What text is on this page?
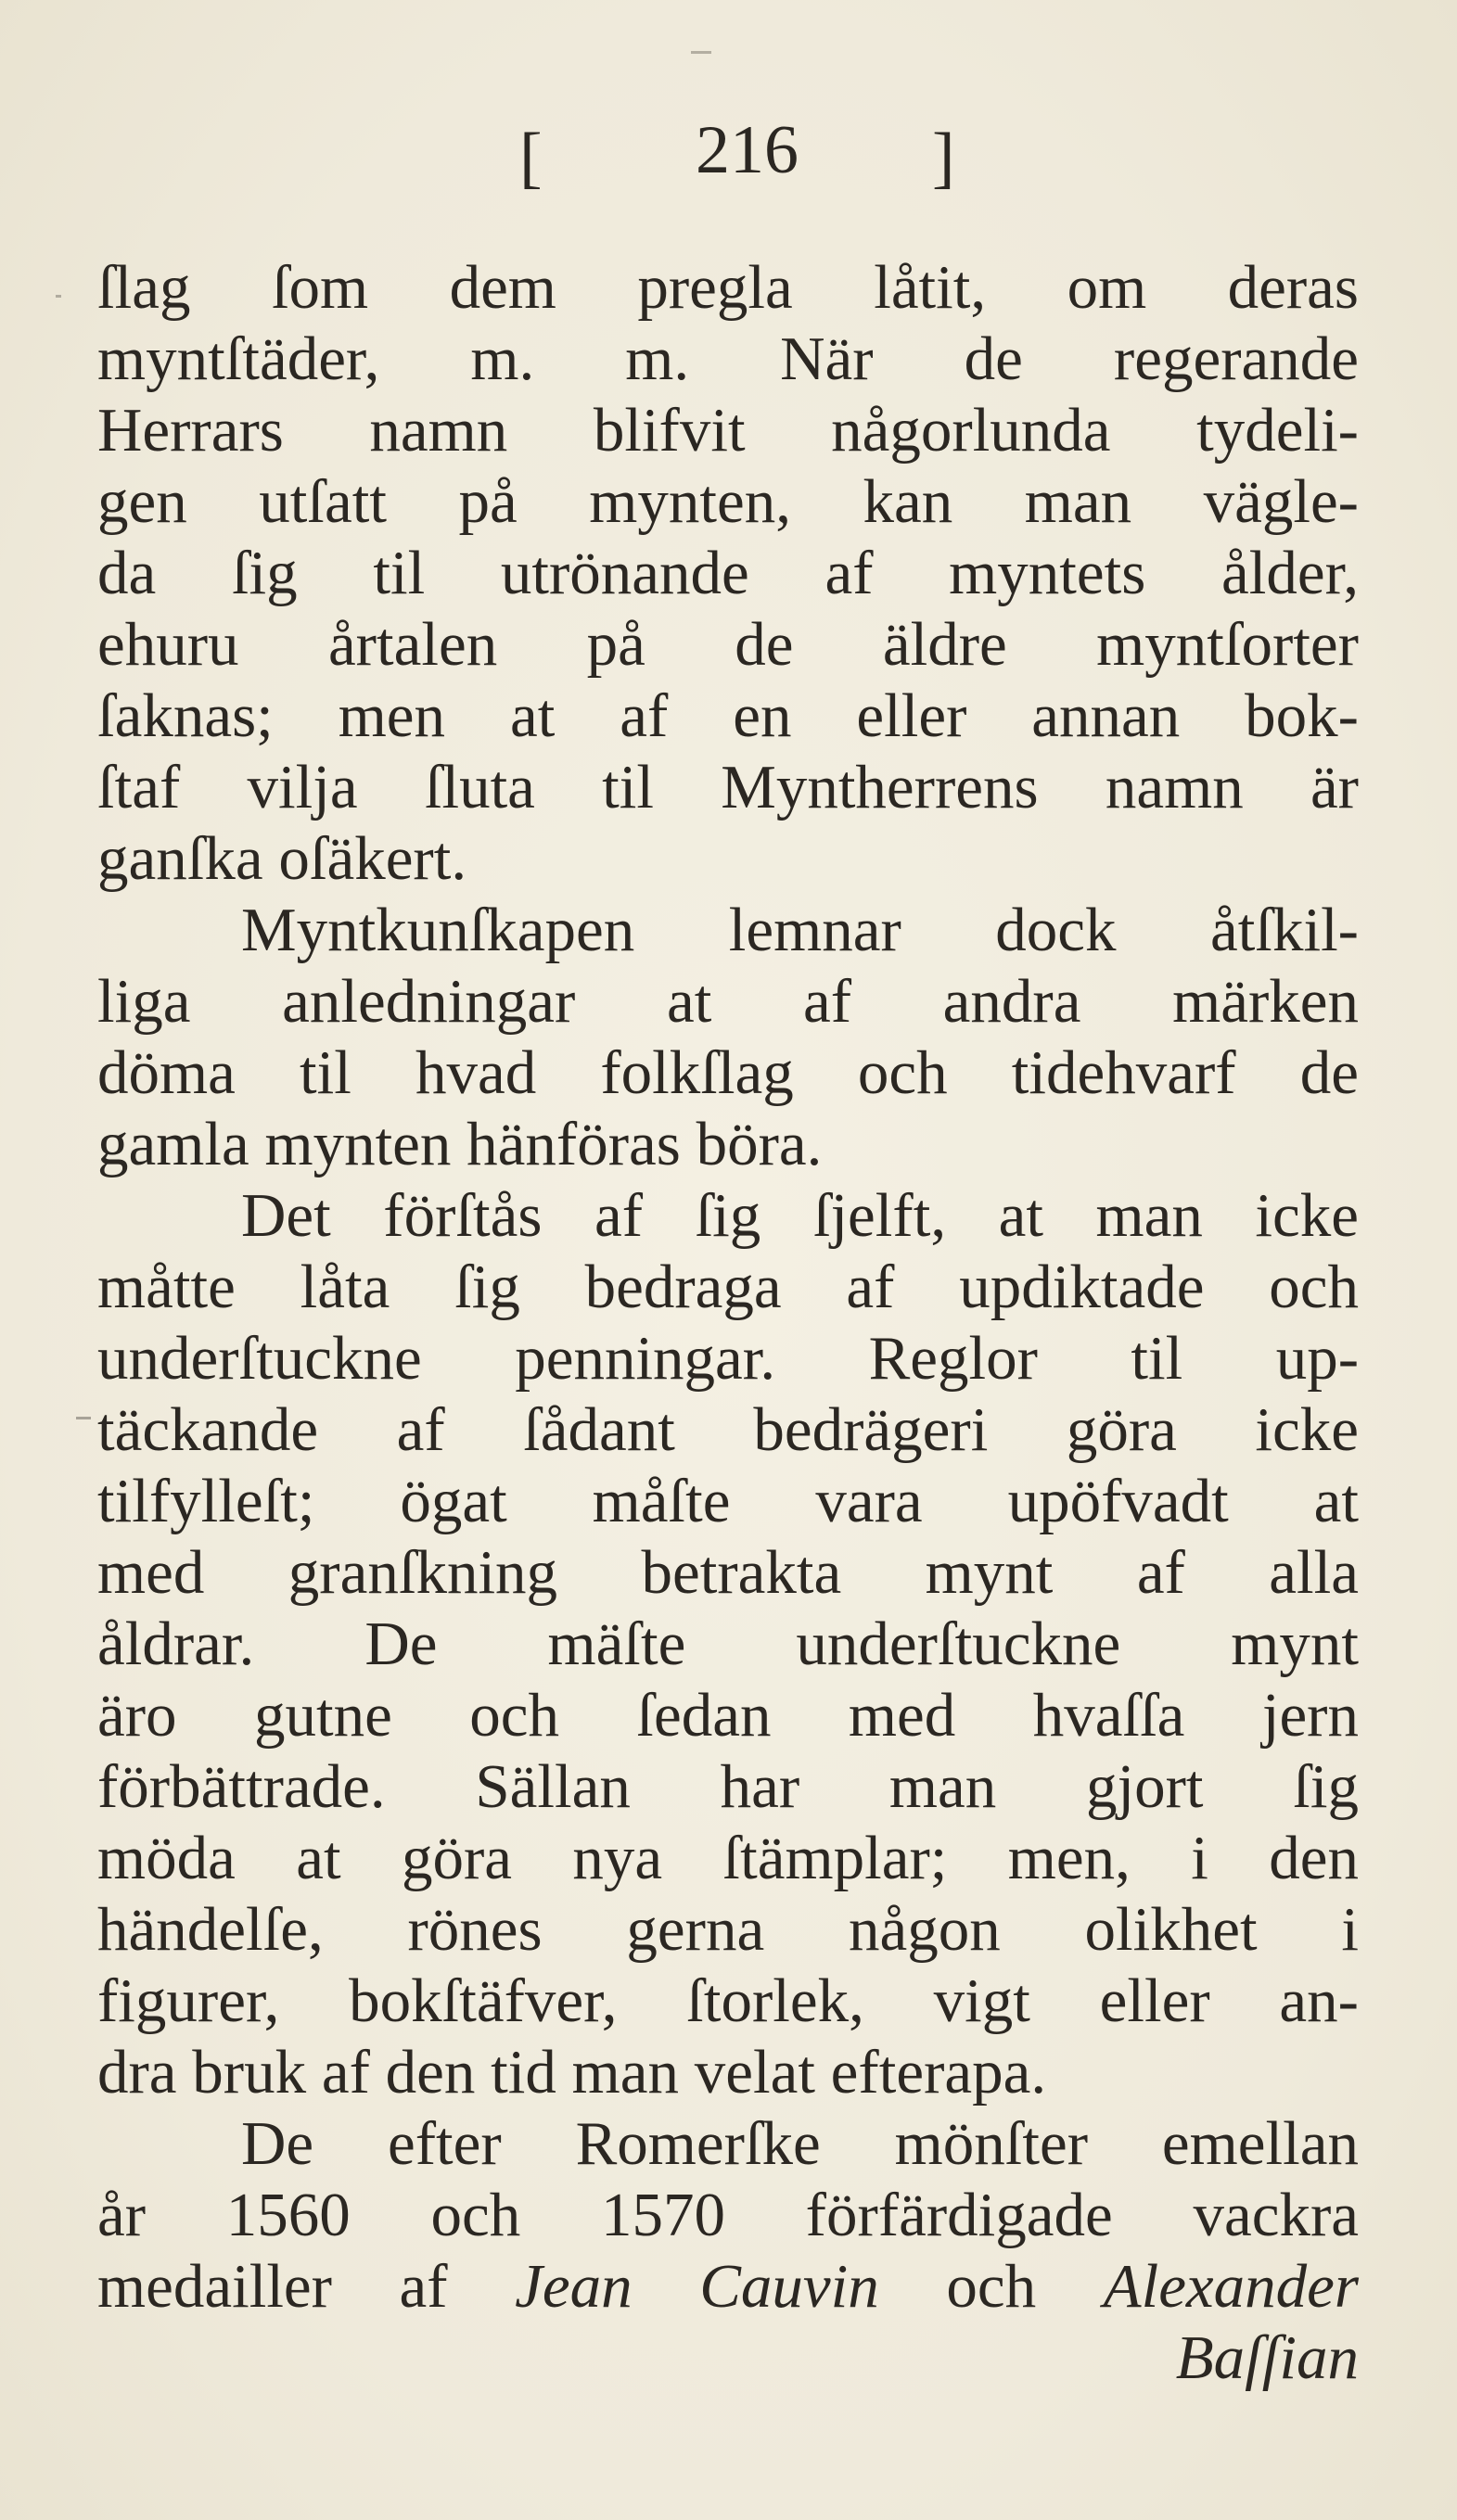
[ 216 ]
ſlag ſom dem pregla låtit, om deras
myntſtäder, m. m. När de regerande
Herrars namn blifvit någorlunda tydeli-
gen utſatt på mynten, kan man vägle-
da ſig til utrönande af myntets ålder,
ehuru årtalen på de äldre myntſorter
ſaknas; men at af en eller annan bok-
ſtaf vilja ſluta til Myntherrens namn är
ganſka oſäkert.
Myntkunſkapen lemnar dock åtſkil-
liga anledningar at af andra märken
döma til hvad folkſlag och tidehvarf de
gamla mynten hänföras böra.
Det förſtås af ſig ſjelft, at man icke
måtte låta ſig bedraga af updiktade och
underſtuckne penningar. Reglor til up-
täckande af ſådant bedrägeri göra icke
tilfylleſt; ögat måſte vara upöfvadt at
med granſkning betrakta mynt af alla
åldrar. De mäſte underſtuckne mynt
äro gutne och ſedan med hvaſſa jern
förbättrade. Sällan har man gjort ſig
möda at göra nya ſtämplar; men, i den
händelſe, rönes gerna någon olikhet i
figurer, bokſtäfver, ſtorlek, vigt eller an-
dra bruk af den tid man velat efterapa.
De efter Romerſke mönſter emellan
år 1560 och 1570 förfärdigade vackra
medailler af Jean Cauvin och Alexander
Baſſian
